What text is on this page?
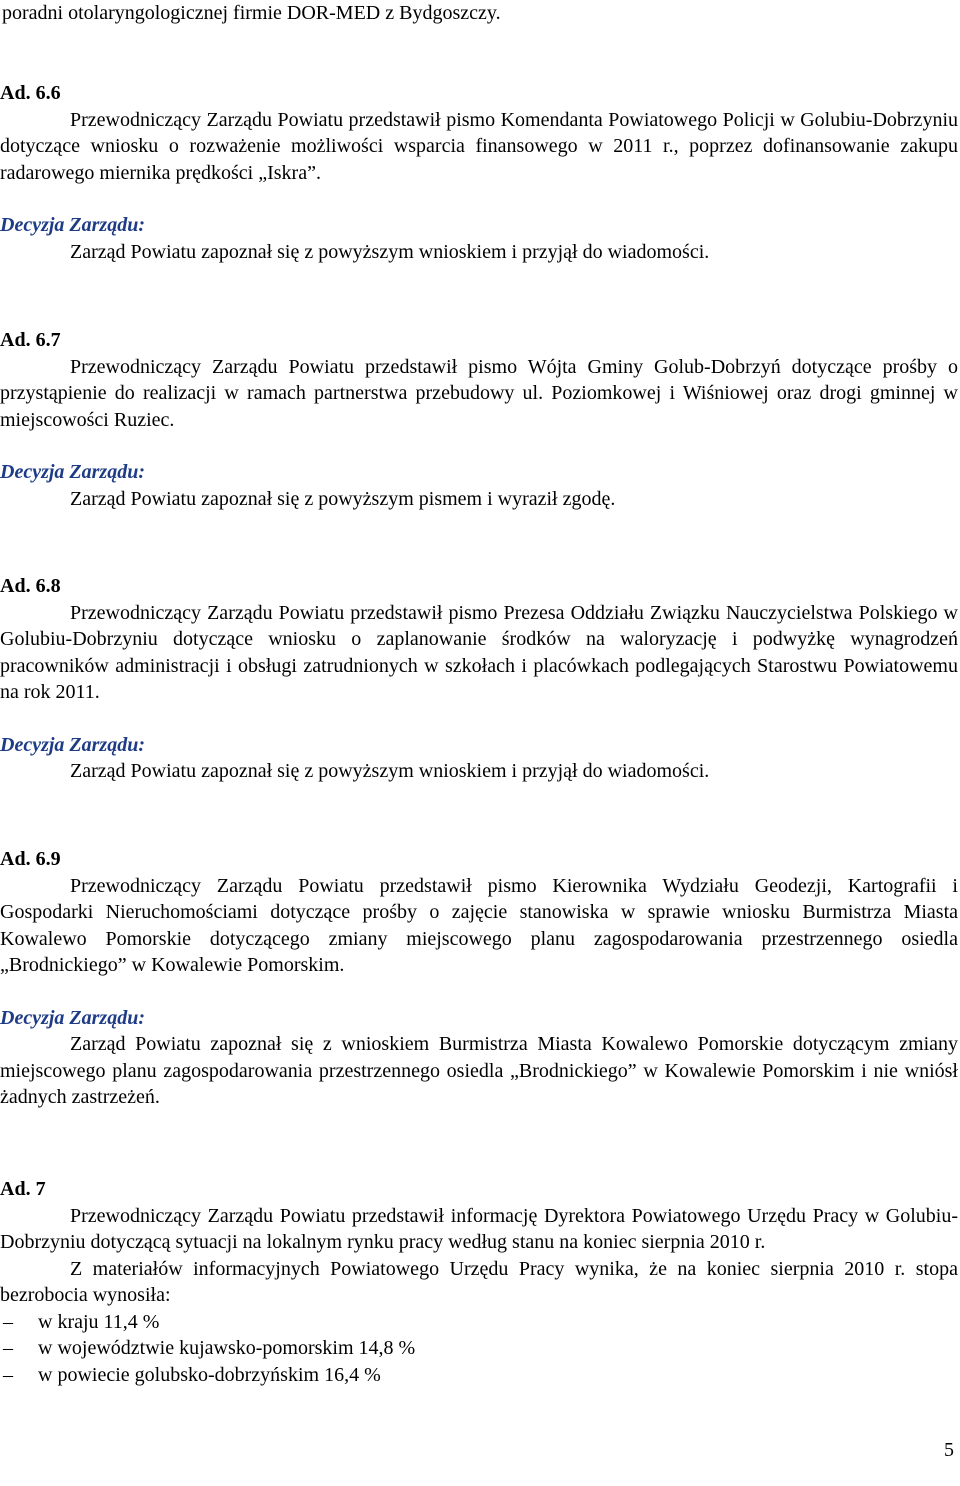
poradni otolaryngologicznej firmie DOR-MED z Bydgoszczy.

Ad. 6.6

Przewodniczący Zarządu Powiatu przedstawił pismo Komendanta Powiatowego Policji w Golubiu-Dobrzyniu dotyczące wniosku o rozważenie możliwości wsparcia finansowego w 2011 r., poprzez dofinansowanie zakupu radarowego miernika prędkości „Iskra”.

Decyzja Zarządu:

Zarząd Powiatu zapoznał się z powyższym wnioskiem i przyjął do wiadomości.

Ad. 6.7

Przewodniczący Zarządu Powiatu przedstawił pismo Wójta Gminy Golub-Dobrzyń dotyczące prośby o przystąpienie do realizacji w ramach partnerstwa przebudowy ul. Poziomkowej i Wiśniowej oraz drogi gminnej w miejscowości Ruziec.

Decyzja Zarządu:

Zarząd Powiatu zapoznał się z powyższym pismem i wyraził zgodę.

Ad. 6.8

Przewodniczący Zarządu Powiatu przedstawił pismo Prezesa Oddziału Związku Nauczycielstwa Polskiego w Golubiu-Dobrzyniu dotyczące wniosku o zaplanowanie środków na waloryzację i podwyżkę wynagrodzeń pracowników administracji i obsługi zatrudnionych w szkołach i placówkach podlegających Starostwu Powiatowemu na rok 2011.

Decyzja Zarządu:

Zarząd Powiatu zapoznał się z powyższym wnioskiem i przyjął do wiadomości.

Ad. 6.9

Przewodniczący Zarządu Powiatu przedstawił pismo Kierownika Wydziału Geodezji, Kartografii i Gospodarki Nieruchomościami dotyczące prośby o zajęcie stanowiska w sprawie wniosku Burmistrza Miasta Kowalewo Pomorskie dotyczącego zmiany miejscowego planu zagospodarowania przestrzennego osiedla „Brodnickiego” w Kowalewie Pomorskim.

Decyzja Zarządu:

Zarząd Powiatu zapoznał się z wnioskiem Burmistrza Miasta Kowalewo Pomorskie dotyczącym zmiany miejscowego planu zagospodarowania przestrzennego osiedla „Brodnickiego” w Kowalewie Pomorskim i nie wniósł żadnych zastrzeżeń.

Ad. 7

Przewodniczący Zarządu Powiatu przedstawił informację Dyrektora Powiatowego Urzędu Pracy w Golubiu-Dobrzyniu dotyczącą sytuacji na lokalnym rynku pracy według stanu na koniec sierpnia 2010 r.

Z materiałów informacyjnych Powiatowego Urzędu Pracy wynika, że na koniec sierpnia 2010 r. stopa bezrobocia wynosiła:

– w kraju 11,4 %
– w województwie kujawsko-pomorskim 14,8 %
– w powiecie golubsko-dobrzyńskim 16,4 %
5
